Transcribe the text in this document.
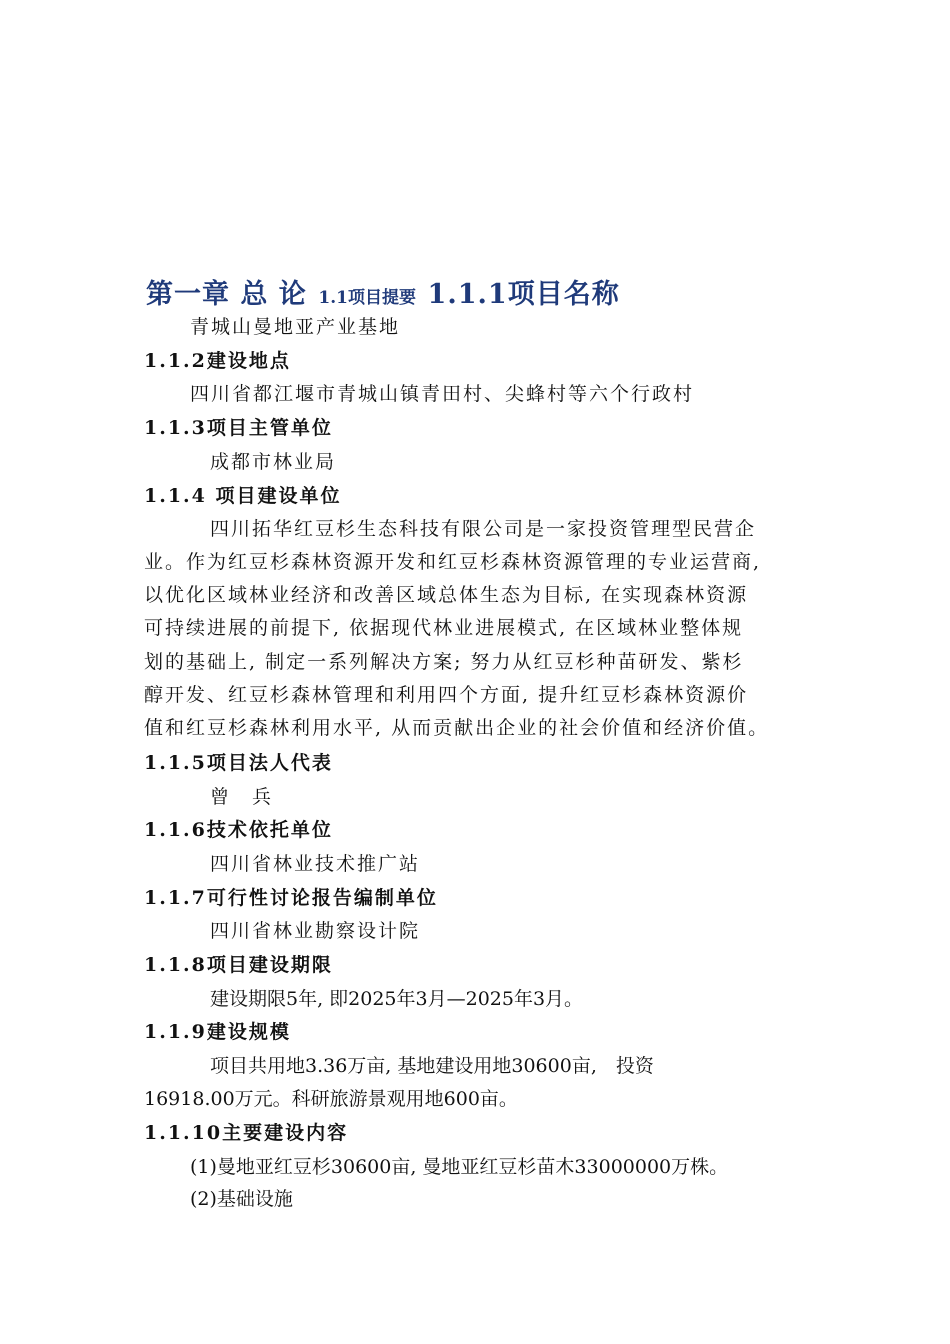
第一章 总 论 1.1项目提要 1.1.1项目名称
青城山曼地亚产业基地
1.1.2建设地点
四川省都江堰市青城山镇青田村、尖蜂村等六个行政村
1.1.3项目主管单位
成都市林业局
1.1.4 项目建设单位
四川拓华红豆杉生态科技有限公司是一家投资管理型民营企
业。作为红豆杉森林资源开发和红豆杉森林资源管理的专业运营商,
以优化区域林业经济和改善区域总体生态为目标, 在实现森林资源
可持续进展的前提下, 依据现代林业进展模式, 在区域林业整体规
划的基础上, 制定一系列解决方案; 努力从红豆杉种苗研发、紫杉
醇开发、红豆杉森林管理和利用四个方面, 提升红豆杉森林资源价
值和红豆杉森林利用水平, 从而贡献出企业的社会价值和经济价值。
1.1.5项目法人代表
曾　兵
1.1.6技术依托单位
四川省林业技术推广站
1.1.7可行性讨论报告编制单位
四川省林业勘察设计院
1.1.8项目建设期限
建设期限5年, 即2025年3月—2025年3月。
1.1.9建设规模
项目共用地3.36万亩, 基地建设用地30600亩,　投资
16918.00万元。科研旅游景观用地600亩。
1.1.10主要建设内容
(1)曼地亚红豆杉30600亩, 曼地亚红豆杉苗木33000000万株。
(2)基础设施
